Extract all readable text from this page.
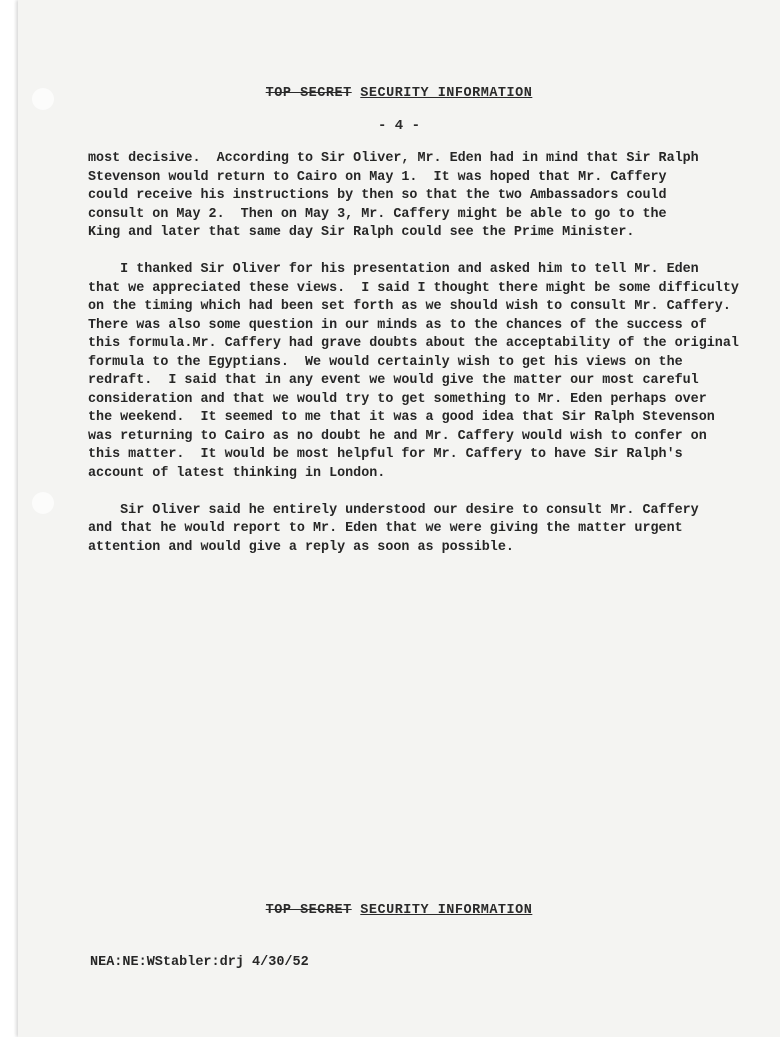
TOP SECRET SECURITY INFORMATION
- 4 -
most decisive.  According to Sir Oliver, Mr. Eden had in mind that Sir Ralph
Stevenson would return to Cairo on May 1.  It was hoped that Mr. Caffery
could receive his instructions by then so that the two Ambassadors could
consult on May 2.  Then on May 3, Mr. Caffery might be able to go to the
King and later that same day Sir Ralph could see the Prime Minister.
I thanked Sir Oliver for his presentation and asked him to tell Mr. Eden
that we appreciated these views.  I said I thought there might be some difficulty
on the timing which had been set forth as we should wish to consult Mr. Caffery.
There was also some question in our minds as to the chances of the success of
this formula.Mr. Caffery had grave doubts about the acceptability of the original
formula to the Egyptians.  We would certainly wish to get his views on the
redraft.  I said that in any event we would give the matter our most careful
consideration and that we would try to get something to Mr. Eden perhaps over
the weekend.  It seemed to me that it was a good idea that Sir Ralph Stevenson
was returning to Cairo as no doubt he and Mr. Caffery would wish to confer on
this matter.  It would be most helpful for Mr. Caffery to have Sir Ralph's
account of latest thinking in London.
Sir Oliver said he entirely understood our desire to consult Mr. Caffery
and that he would report to Mr. Eden that we were giving the matter urgent
attention and would give a reply as soon as possible.
TOP SECRET SECURITY INFORMATION
NEA:NE:WStabler:drj 4/30/52
